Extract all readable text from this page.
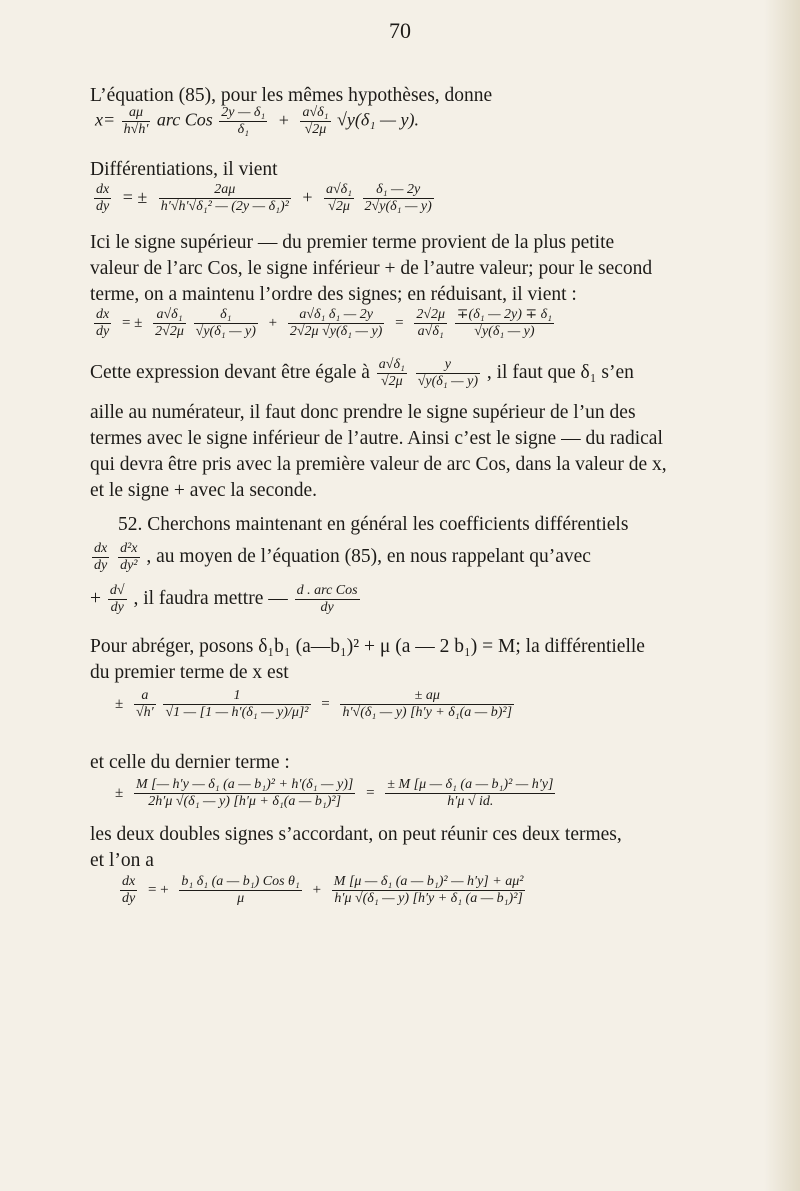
70
L’équation (85), pour les mêmes hypothèses, donne
$x= \frac{a\mu}{h√h'}$ arc Cos $\frac{\text{2y — δ₁}}{\text{δ₁}} + \frac{\text{a√δ₁}}{√2\mu} √y(\delta_1$ — y).
Différentiations, il vient
$\frac{dx}{dy}$ = ± $\frac{2a\mu}{\text{h′√h′√δ₁² — (2y — δ₁)²}} + \frac{\text{a√δ₁}}{√2\mu}$
$\frac{\text{δ₁ — 2y}}{\text{2√y(δ₁ — y)}}$
Ici le signe supérieur — du premier terme provient de la plus petite
valeur de l’arc Cos, le signe inférieur + de l’autre valeur; pour le second
terme, on a maintenu l’ordre des signes; en réduisant, il vient :
$\frac{dx}{dy}$ = ± $\frac{\text{a√δ₁}}{2√2\mu}$
$\frac{\text{δ₁}}{\text{√y(δ₁ — y)}} + \frac{\text{a√δ₁ δ₁ — 2y}}{\text{2√2μ √y(δ₁ — y)}} = \frac{2√2\mu}{\text{a√δ₁}}$
$\frac{\text{∓(δ₁ — 2y) ∓ δ₁}}{\text{√y(δ₁ — y)}}$
Cette expression devant être égale à $\frac{\text{a√δ₁}}{√2\mu}$
$\frac{y}{\text{√y(δ₁ — y)}}$ , il faut que δ₁ s’en
aille au numérateur, il faut donc prendre le signe supérieur de l’un des
termes avec le signe inférieur de l’autre. Ainsi c’est le signe — du radical
qui devra être pris avec la première valeur de arc Cos, dans la valeur de x,
et le signe + avec la seconde.
52. Cherchons maintenant en général les coefficients différentiels
$\frac{dx}{dy}$
$\frac{\text{d²x}}{\text{dy²}}$ , au moyen de l’équation (85), en nous rappelant qu’avec
+ $\frac{d√}{dy}$ , il faudra mettre — $\frac{\text{d . arc Cos}}{dy}$
Pour abréger, posons δ₁b₁ (a—b₁)² + μ (a — 2 b₁) = M; la différentielle
du premier terme de x est
± $\frac{a}{√h'}$
$\frac{1}{\text{√1 — [1 — h′(δ₁ — y)/μ]²}} = \frac{\pm a\mu}{\text{h′√(δ₁ — y) [h′y + δ₁(a — b)²]}}$
et celle du dernier terme :
± $\frac{\text{M [— h′y — δ₁ (a — b₁)² + h′(δ₁ — y)]}}{\text{2h′μ √(δ₁ — y) [h′μ + δ₁(a — b₁)²]}} = \frac{\text{± M [μ — δ₁ (a — b₁)² — h′y]}}{h'\mu √ id.}$
les deux doubles signes s’accordant, on peut réunir ces deux termes,
et l’on a
$\frac{dx}{dy}$ = + $\frac{\text{b₁ δ₁ (a — b₁) Cos θ₁}}{\mu} + \frac{\text{M [μ — δ₁ (a — b₁)² — h′y] + aμ²}}{\text{h′μ √(δ₁ — y) [h′y + δ₁ (a — b₁)²]}}$
